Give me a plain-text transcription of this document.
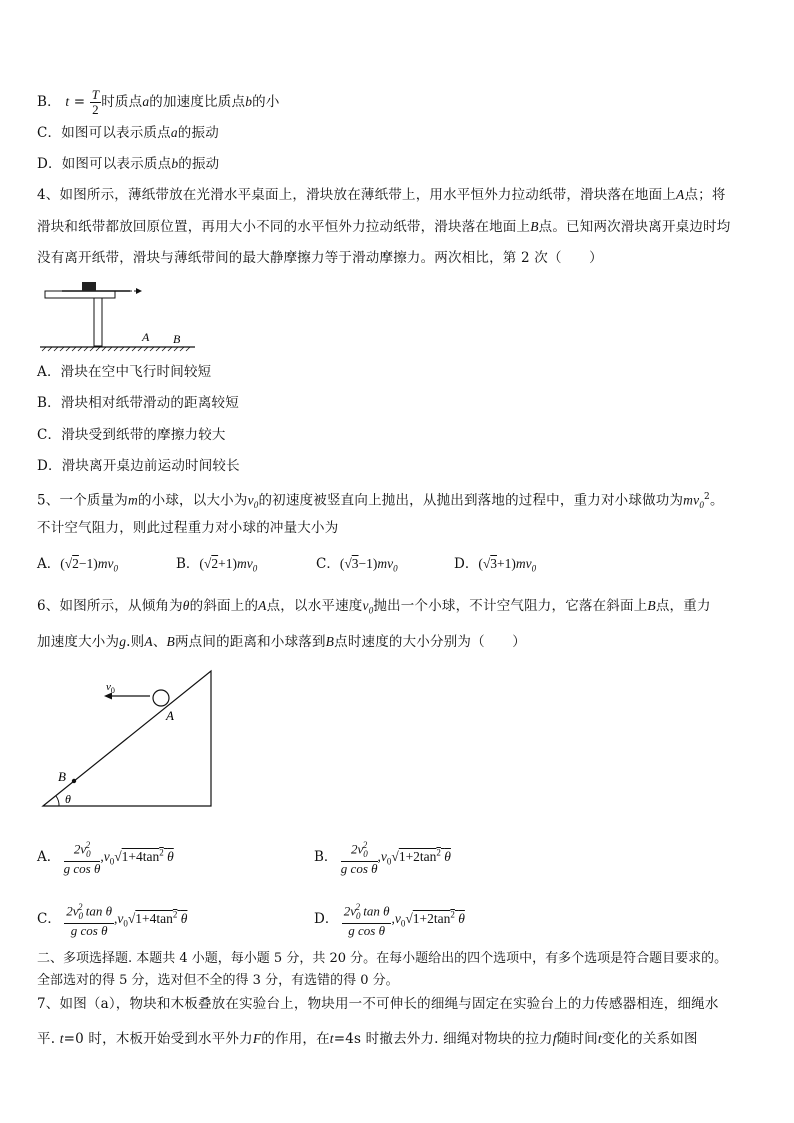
B． $t = \frac{T}{2}$ 时质点a的加速度比质点b的小
C．如图可以表示质点a的振动
D．如图可以表示质点b的振动
4、如图所示，薄纸带放在光滑水平桌面上，滑块放在薄纸带上，用水平恒外力拉动纸带，滑块落在地面上A点；将
滑块和纸带都放回原位置，再用大小不同的水平恒外力拉动纸带，滑块落在地面上B点。已知两次滑块离开桌边时均
没有离开纸带，滑块与薄纸带间的最大静摩擦力等于滑动摩擦力。两次相比，第 2 次（　　）
A B
A．滑块在空中飞行时间较短
B．滑块相对纸带滑动的距离较短
C．滑块受到纸带的摩擦力较大
D．滑块离开桌边前运动时间较长
5、一个质量为m的小球，以大小为$v_0$的初速度被竖直向上抛出，从抛出到落地的过程中，重力对小球做功为$mv_0^2$。
不计空气阻力，则此过程重力对小球的冲量大小为
A．$(√2-1)mv_0$	B．$(√2+1)mv_0$	C．$(√3-1)mv_0$	D．$(√3+1)mv_0$
6、如图所示，从倾角为θ的斜面上的A点，以水平速度$v_0$抛出一个小球，不计空气阻力，它落在斜面上B点，重力
加速度大小为g.则A、B两点间的距离和小球落到B点时速度的大小分别为（　　）
$v_0$
A
B
θ
A． $\frac{2v_0^2}{\text{g cos θ}} ,v_0√1+4\tan^2$ θ	B． $\frac{2v_0^2}{\text{g cos θ}} ,v_0√1+2\tan^2$ θ
C． $\frac{2v_0^2 \tan \theta}{\text{g cos θ}} ,v_0√1+4\tan^2$ θ	D． $\frac{2v_0^2 \tan \theta}{\text{g cos θ}} ,v_0√1+2\tan^2$ θ
二、多项选择题. 本题共 4 小题，每小题 5 分，共 20 分。在每小题给出的四个选项中，有多个选项是符合题目要求的。
全部选对的得 5 分，选对但不全的得 3 分，有选错的得 0 分。
7、如图（a），物块和木板叠放在实验台上，物块用一不可伸长的细绳与固定在实验台上的力传感器相连，细绳水
平. t=0 时，木板开始受到水平外力F的作用，在t=4s 时撤去外力. 细绳对物块的拉力f随时间t变化的关系如图
